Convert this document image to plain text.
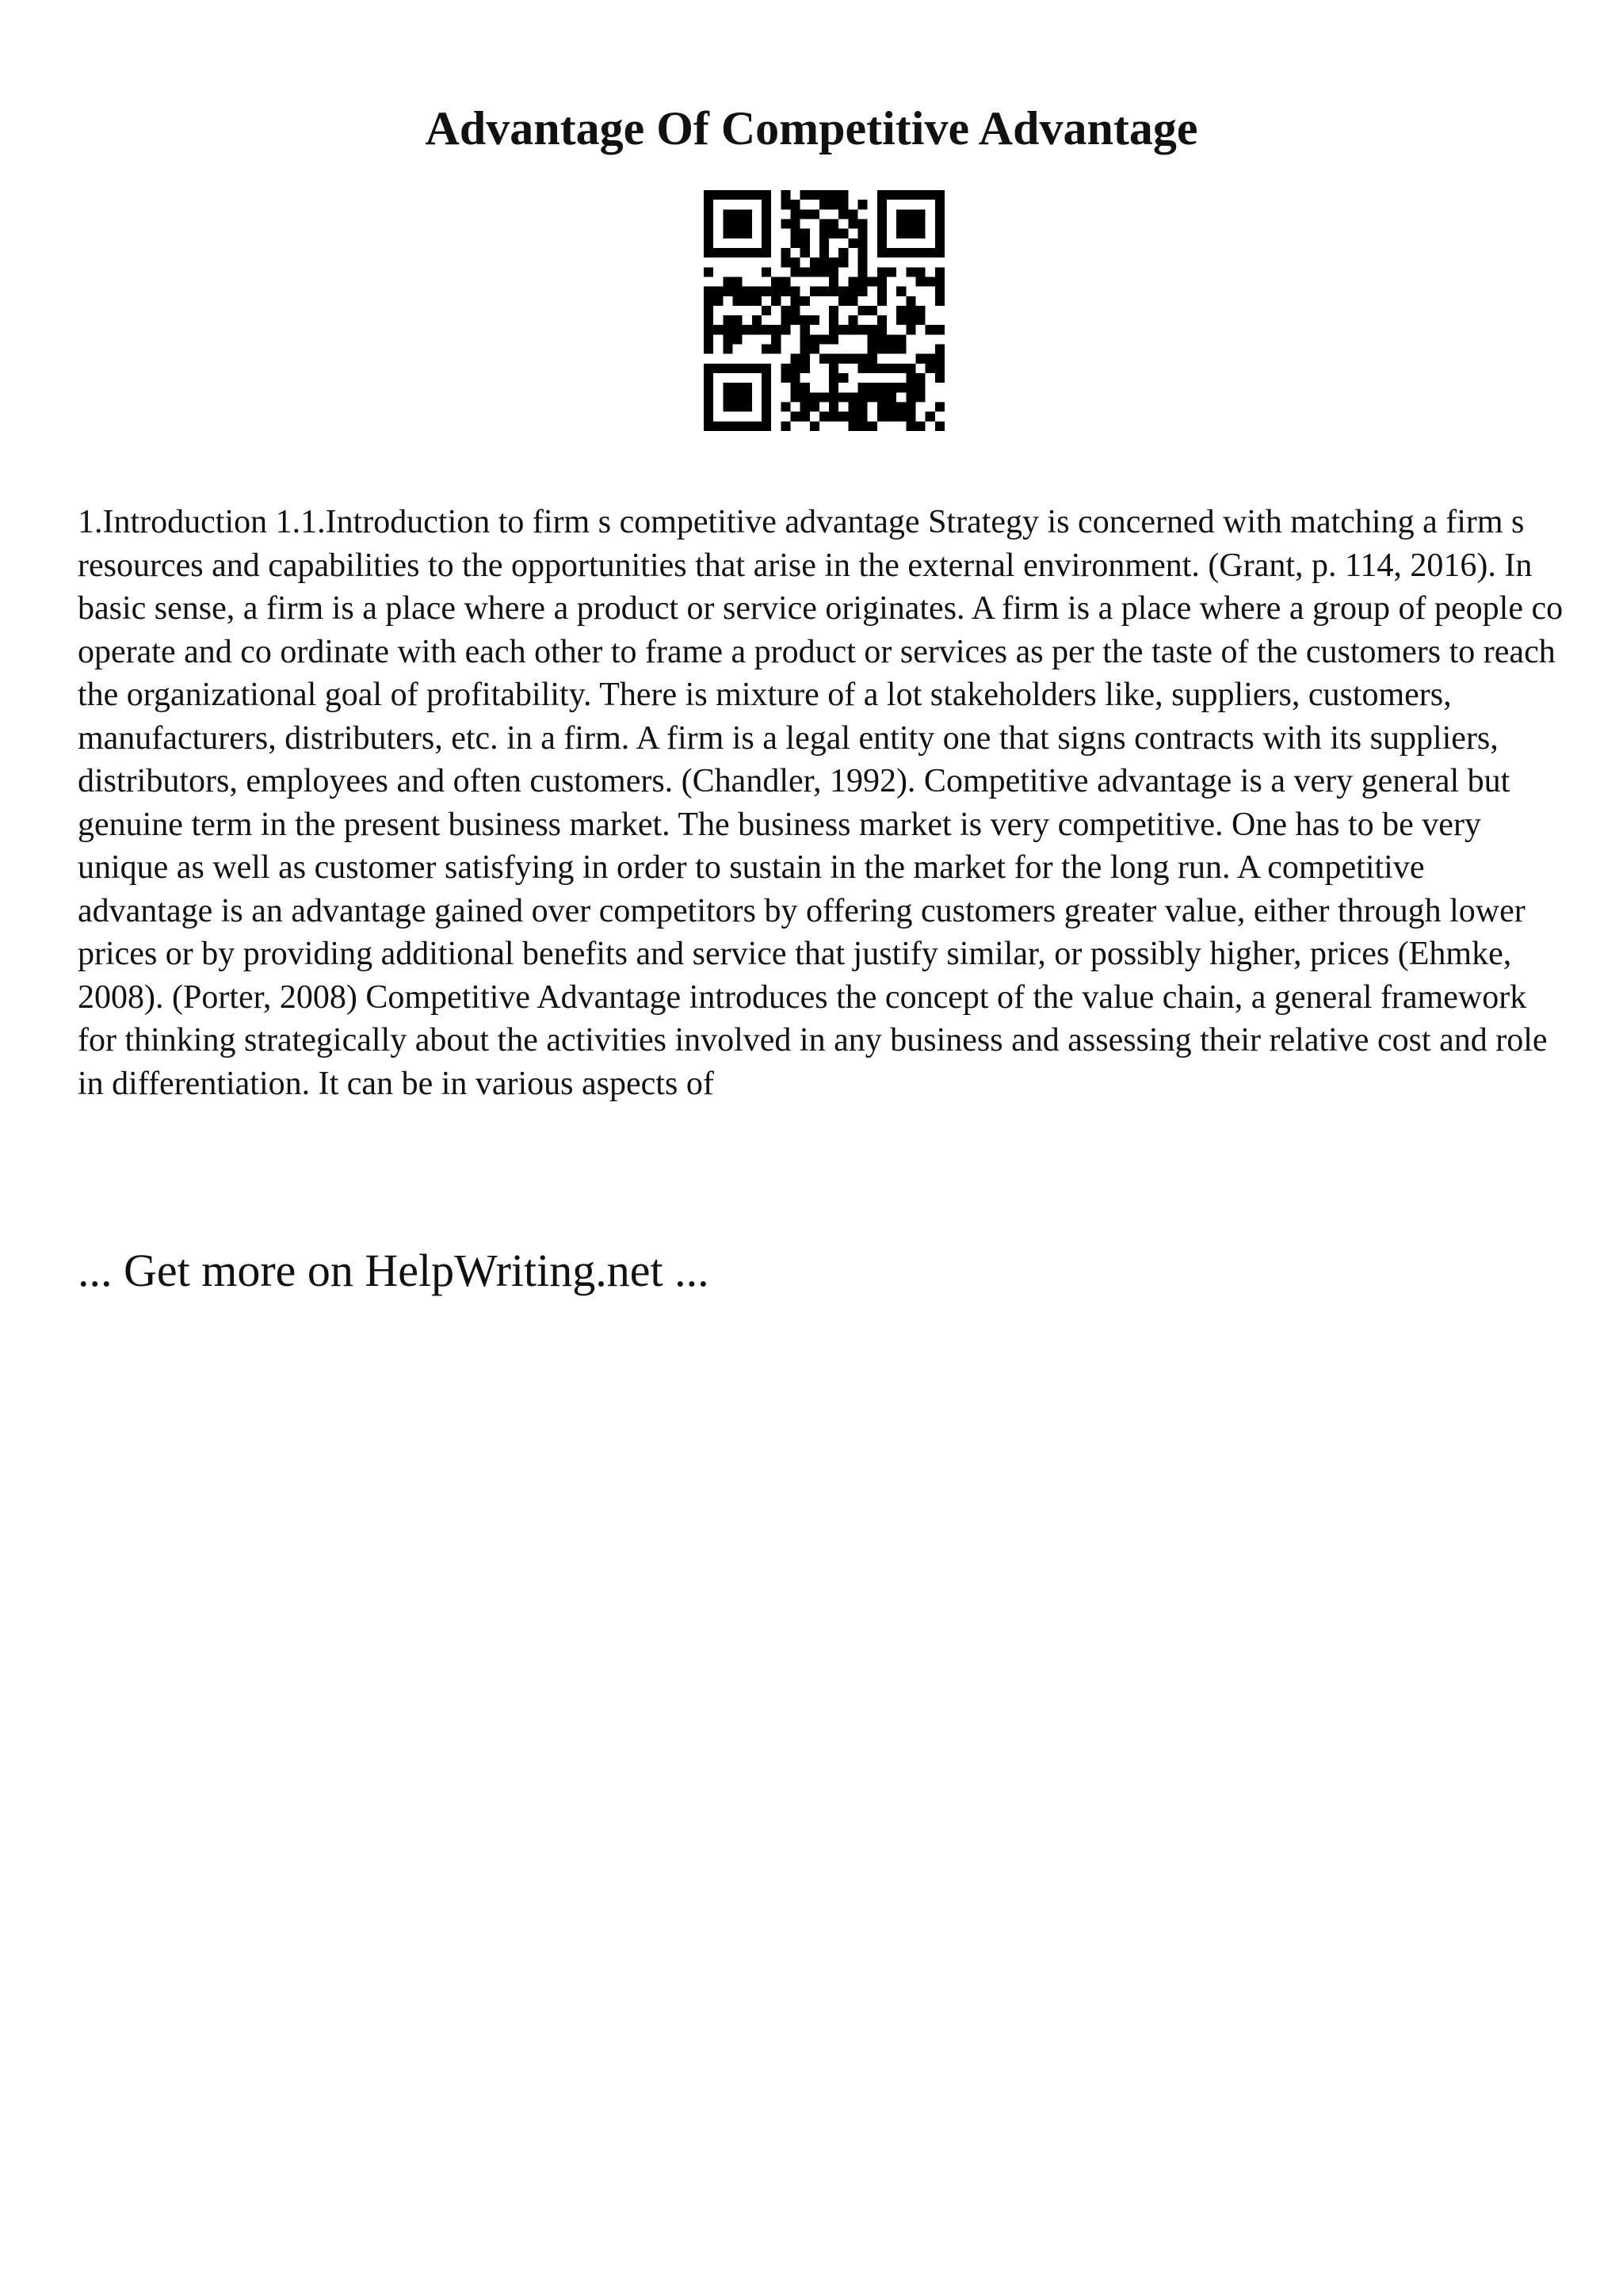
Advantage Of Competitive Advantage

1.Introduction 1.1.Introduction to firm s competitive advantage Strategy is concerned with matching a firm s resources and capabilities to the opportunities that arise in the external environment. (Grant, p. 114, 2016). In basic sense, a firm is a place where a product or service originates. A firm is a place where a group of people co operate and co ordinate with each other to frame a product or services as per the taste of the customers to reach the organizational goal of profitability. There is mixture of a lot stakeholders like, suppliers, customers, manufacturers, distributers, etc. in a firm. A firm is a legal entity one that signs contracts with its suppliers, distributors, employees and often customers. (Chandler, 1992). Competitive advantage is a very general but genuine term in the present business market. The business market is very competitive. One has to be very unique as well as customer satisfying in order to sustain in the market for the long run. A competitive advantage is an advantage gained over competitors by offering customers greater value, either through lower prices or by providing additional benefits and service that justify similar, or possibly higher, prices (Ehmke, 2008). (Porter, 2008) Competitive Advantage introduces the concept of the value chain, a general framework for thinking strategically about the activities involved in any business and assessing their relative cost and role in differentiation. It can be in various aspects of

... Get more on HelpWriting.net ...
